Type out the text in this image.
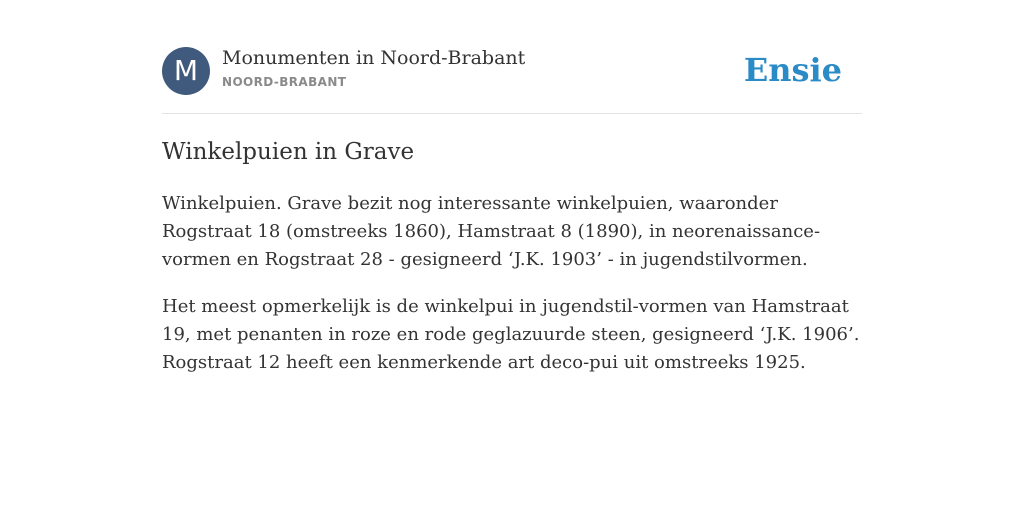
M	Monumenten in Noord-Brabant
NOORD-BRABANT	Ensie
Winkelpuien in Grave

Winkelpuien. Grave bezit nog interessante winkelpuien, waaronder Rogstraat 18 (omstreeks 1860), Hamstraat 8 (1890), in neorenaissance-vormen en Rogstraat 28 - gesigneerd ‘J.K. 1903’ - in jugendstilvormen.

Het meest opmerkelijk is de winkelpui in jugendstil-vormen van Hamstraat 19, met penanten in roze en rode geglazuurde steen, gesigneerd ‘J.K. 1906’. Rogstraat 12 heeft een kenmerkende art deco-pui uit omstreeks 1925.
